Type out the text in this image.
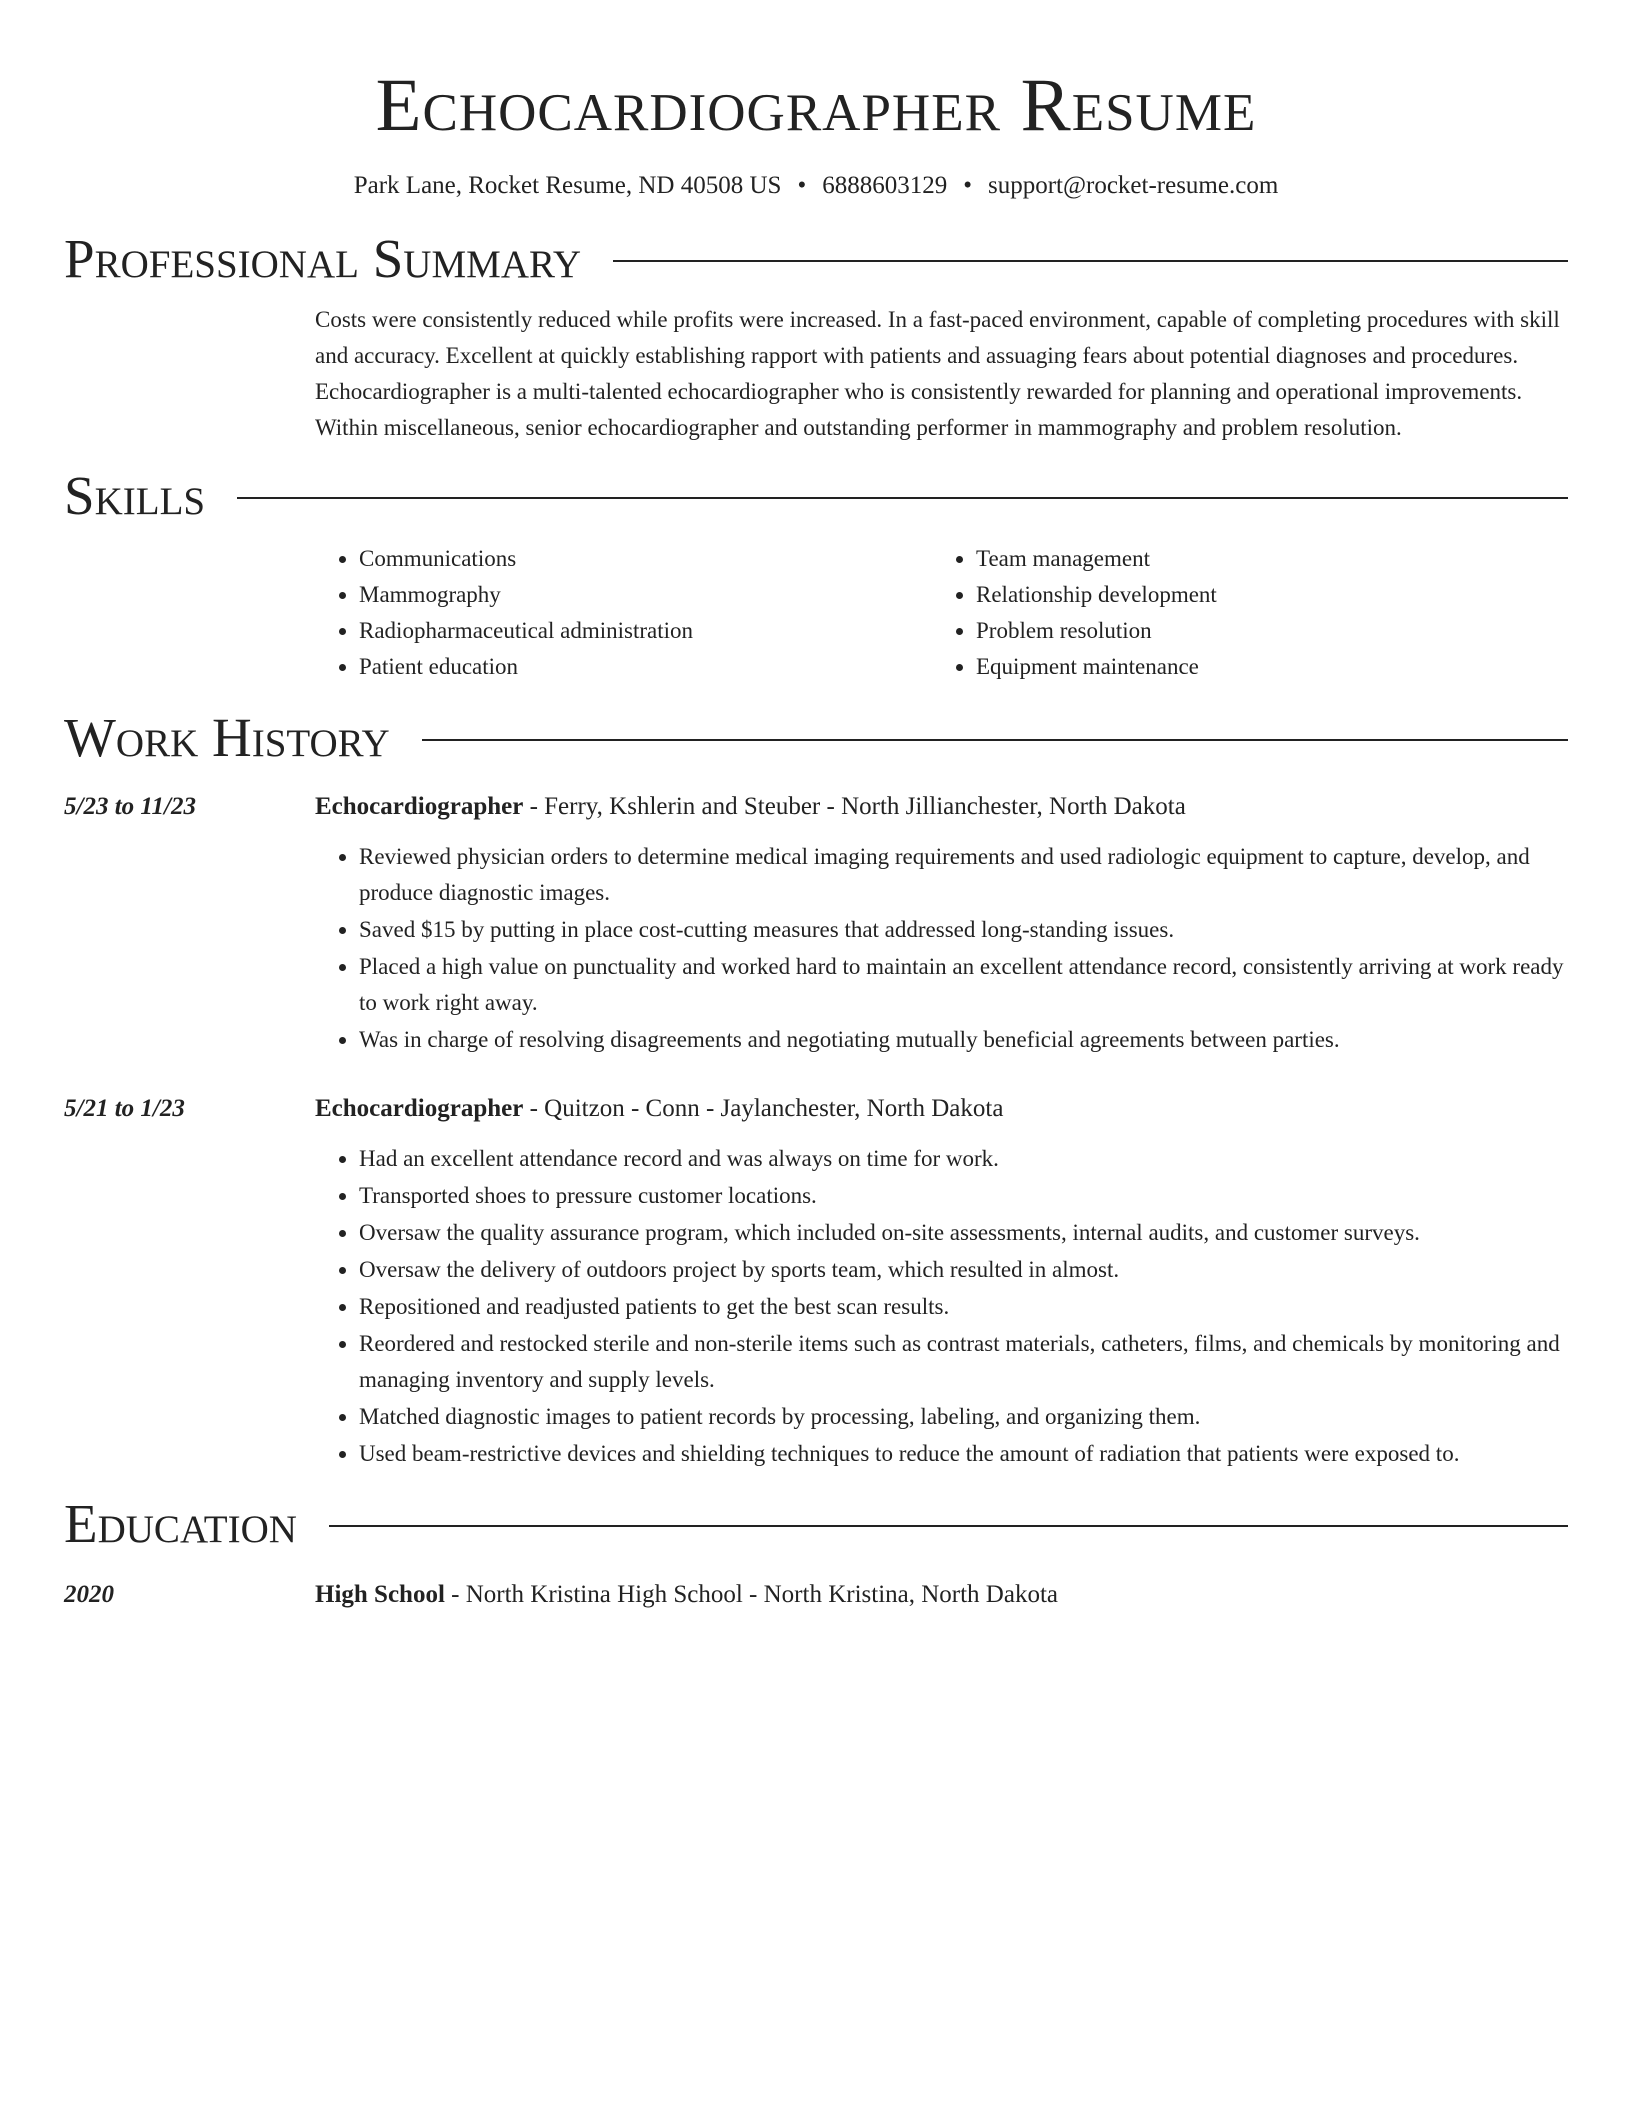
Echocardiographer Resume
Park Lane, Rocket Resume, ND 40508 US • 6888603129 • support@rocket-resume.com
Professional Summary

Costs were consistently reduced while profits were increased. In a fast-paced environment, capable of completing procedures with skill and accuracy. Excellent at quickly establishing rapport with patients and assuaging fears about potential diagnoses and procedures. Echocardiographer is a multi-talented echocardiographer who is consistently rewarded for planning and operational improvements. Within miscellaneous, senior echocardiographer and outstanding performer in mammography and problem resolution.

Skills
• Communications
• Mammography
• Radiopharmaceutical administration
• Patient education
• Team management
• Relationship development
• Problem resolution
• Equipment maintenance
Work History
5/23 to 11/23	Echocardiographer - Ferry, Kshlerin and Steuber - North Jillianchester, North Dakota
• Reviewed physician orders to determine medical imaging requirements and used radiologic equipment to capture, develop, and produce diagnostic images.
• Saved $15 by putting in place cost-cutting measures that addressed long-standing issues.
• Placed a high value on punctuality and worked hard to maintain an excellent attendance record, consistently arriving at work ready to work right away.
• Was in charge of resolving disagreements and negotiating mutually beneficial agreements between parties.
5/21 to 1/23	Echocardiographer - Quitzon - Conn - Jaylanchester, North Dakota
• Had an excellent attendance record and was always on time for work.
• Transported shoes to pressure customer locations.
• Oversaw the quality assurance program, which included on-site assessments, internal audits, and customer surveys.
• Oversaw the delivery of outdoors project by sports team, which resulted in almost.
• Repositioned and readjusted patients to get the best scan results.
• Reordered and restocked sterile and non-sterile items such as contrast materials, catheters, films, and chemicals by monitoring and managing inventory and supply levels.
• Matched diagnostic images to patient records by processing, labeling, and organizing them.
• Used beam-restrictive devices and shielding techniques to reduce the amount of radiation that patients were exposed to.
Education
2020	High School - North Kristina High School - North Kristina, North Dakota
